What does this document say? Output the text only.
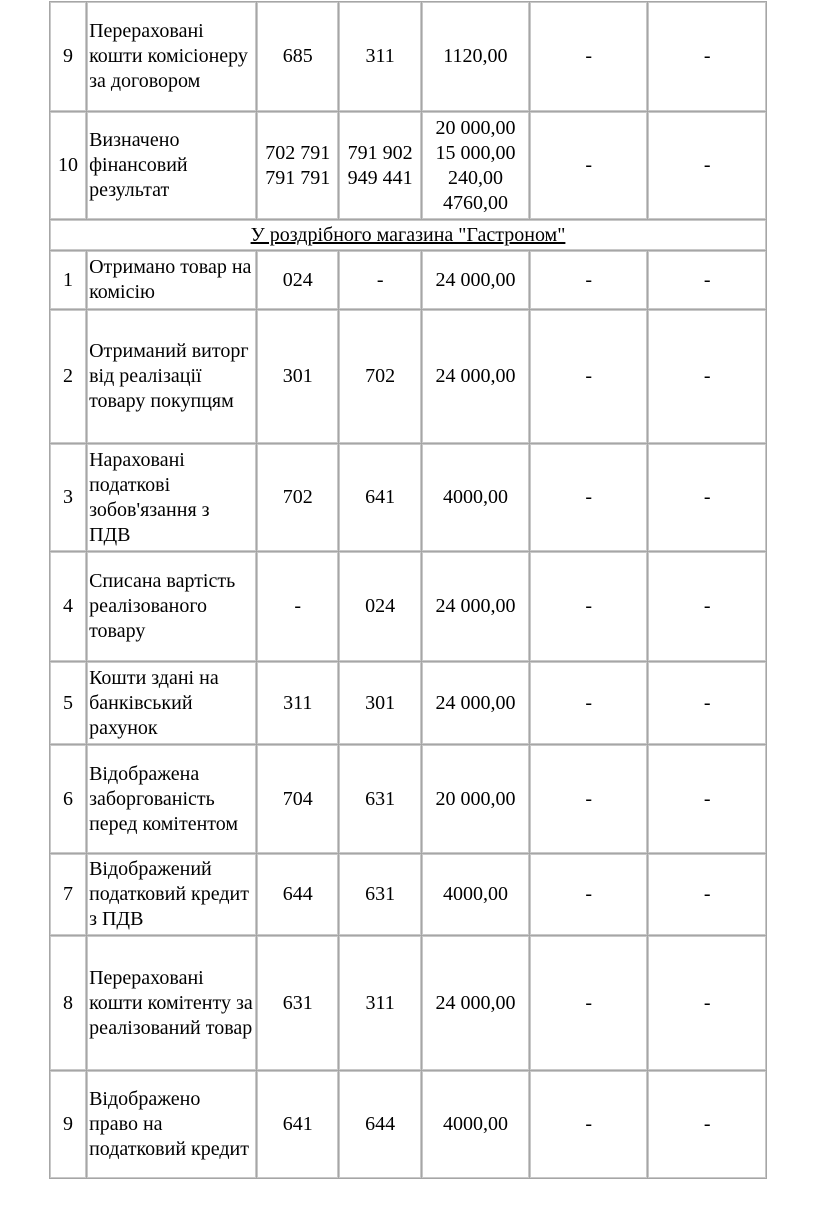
9	Перераховані кошти комісіонеру за договором	685	311	1120,00	-	-
10	Визначено фінансовий результат	702 791 791 791	791 902 949 441	20 000,00 15 000,00 240,00 4760,00	-	-
У роздрібного магазина "Гастроном"						
1	Отримано товар на комісію	024	-	24 000,00	-	-
2	Отриманий виторг від реалізації товару покупцям	301	702	24 000,00	-	-
3	Нараховані податкові зобов'язання з ПДВ	702	641	4000,00	-	-
4	Списана вартість реалізованого товару	-	024	24 000,00	-	-
5	Кошти здані на банківський рахунок	311	301	24 000,00	-	-
6	Відображена заборгованість перед комітентом	704	631	20 000,00	-	-
7	Відображений податковий кредит з ПДВ	644	631	4000,00	-	-
8	Перераховані кошти комітенту за реалізований товар	631	311	24 000,00	-	-
9	Відображено право на податковий кредит	641	644	4000,00	-	-
